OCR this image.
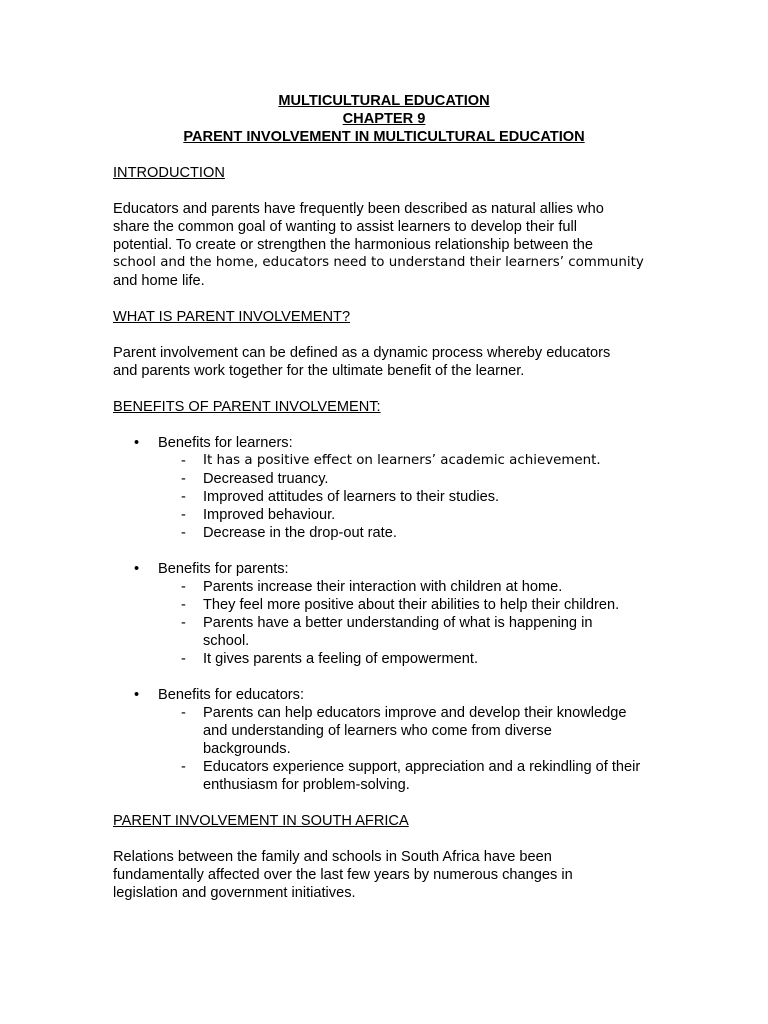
MULTICULTURAL EDUCATION
CHAPTER 9
PARENT INVOLVEMENT IN MULTICULTURAL EDUCATION
INTRODUCTION
Educators and parents have frequently been described as natural allies who
share the common goal of wanting to assist learners to develop their full
potential. To create or strengthen the harmonious relationship between the
school and the home, educators need to understand their learners’ community
and home life.
WHAT IS PARENT INVOLVEMENT?
Parent involvement can be defined as a dynamic process whereby educators
and parents work together for the ultimate benefit of the learner.
BENEFITS OF PARENT INVOLVEMENT:
• Benefits for learners:
- It has a positive effect on learners’ academic achievement.
- Decreased truancy.
- Improved attitudes of learners to their studies.
- Improved behaviour.
- Decrease in the drop-out rate.
• Benefits for parents:
- Parents increase their interaction with children at home.
- They feel more positive about their abilities to help their children.
- Parents have a better understanding of what is happening in
school.
- It gives parents a feeling of empowerment.
• Benefits for educators:
- Parents can help educators improve and develop their knowledge
and understanding of learners who come from diverse
backgrounds.
- Educators experience support, appreciation and a rekindling of their
enthusiasm for problem-solving.
PARENT INVOLVEMENT IN SOUTH AFRICA
Relations between the family and schools in South Africa have been
fundamentally affected over the last few years by numerous changes in
legislation and government initiatives.
